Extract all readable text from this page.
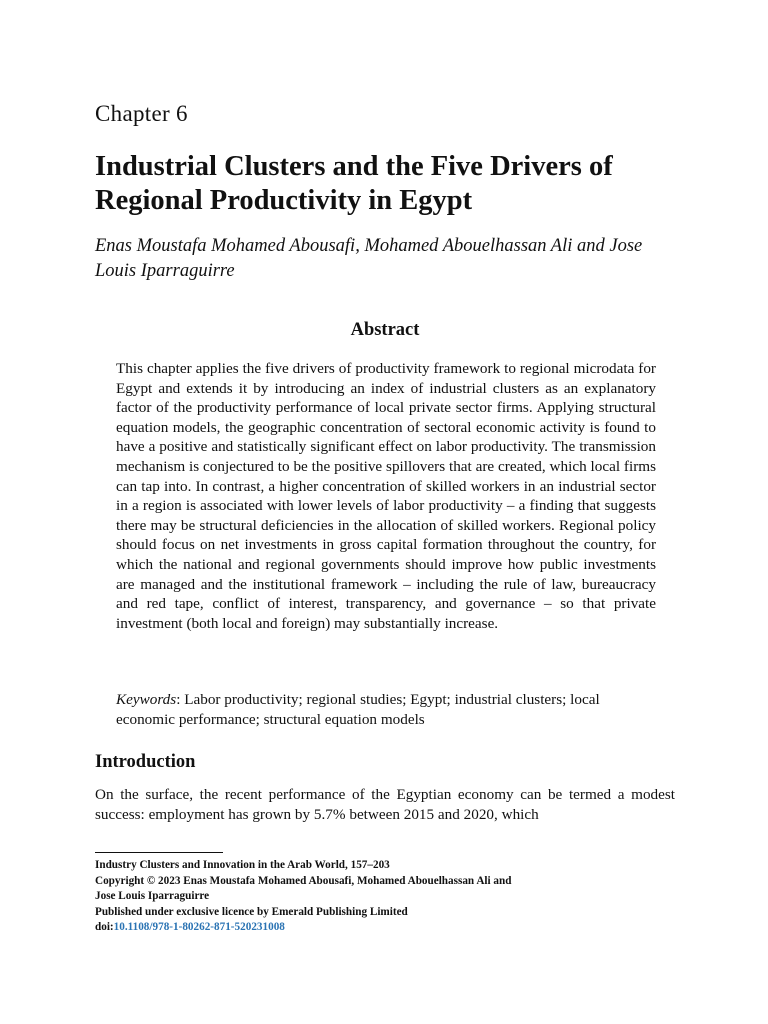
Chapter 6
Industrial Clusters and the Five Drivers of Regional Productivity in Egypt
Enas Moustafa Mohamed Abousafi, Mohamed Abouelhassan Ali and Jose Louis Iparraguirre
Abstract
This chapter applies the five drivers of productivity framework to regional microdata for Egypt and extends it by introducing an index of industrial clusters as an explanatory factor of the productivity performance of local private sector firms. Applying structural equation models, the geographic concentration of sectoral economic activity is found to have a positive and statistically significant effect on labor productivity. The transmission mechanism is conjectured to be the positive spillovers that are created, which local firms can tap into. In contrast, a higher concentration of skilled workers in an industrial sector in a region is associated with lower levels of labor productivity – a finding that suggests there may be structural deficiencies in the allocation of skilled workers. Regional policy should focus on net investments in gross capital formation throughout the country, for which the national and regional governments should improve how public investments are managed and the institutional framework – including the rule of law, bureaucracy and red tape, conflict of interest, transparency, and governance – so that private investment (both local and foreign) may substantially increase.
Keywords: Labor productivity; regional studies; Egypt; industrial clusters; local economic performance; structural equation models
Introduction
On the surface, the recent performance of the Egyptian economy can be termed a modest success: employment has grown by 5.7% between 2015 and 2020, which
Industry Clusters and Innovation in the Arab World, 157–203
Copyright © 2023 Enas Moustafa Mohamed Abousafi, Mohamed Abouelhassan Ali and
Jose Louis Iparraguirre
Published under exclusive licence by Emerald Publishing Limited
doi:10.1108/978-1-80262-871-520231008
